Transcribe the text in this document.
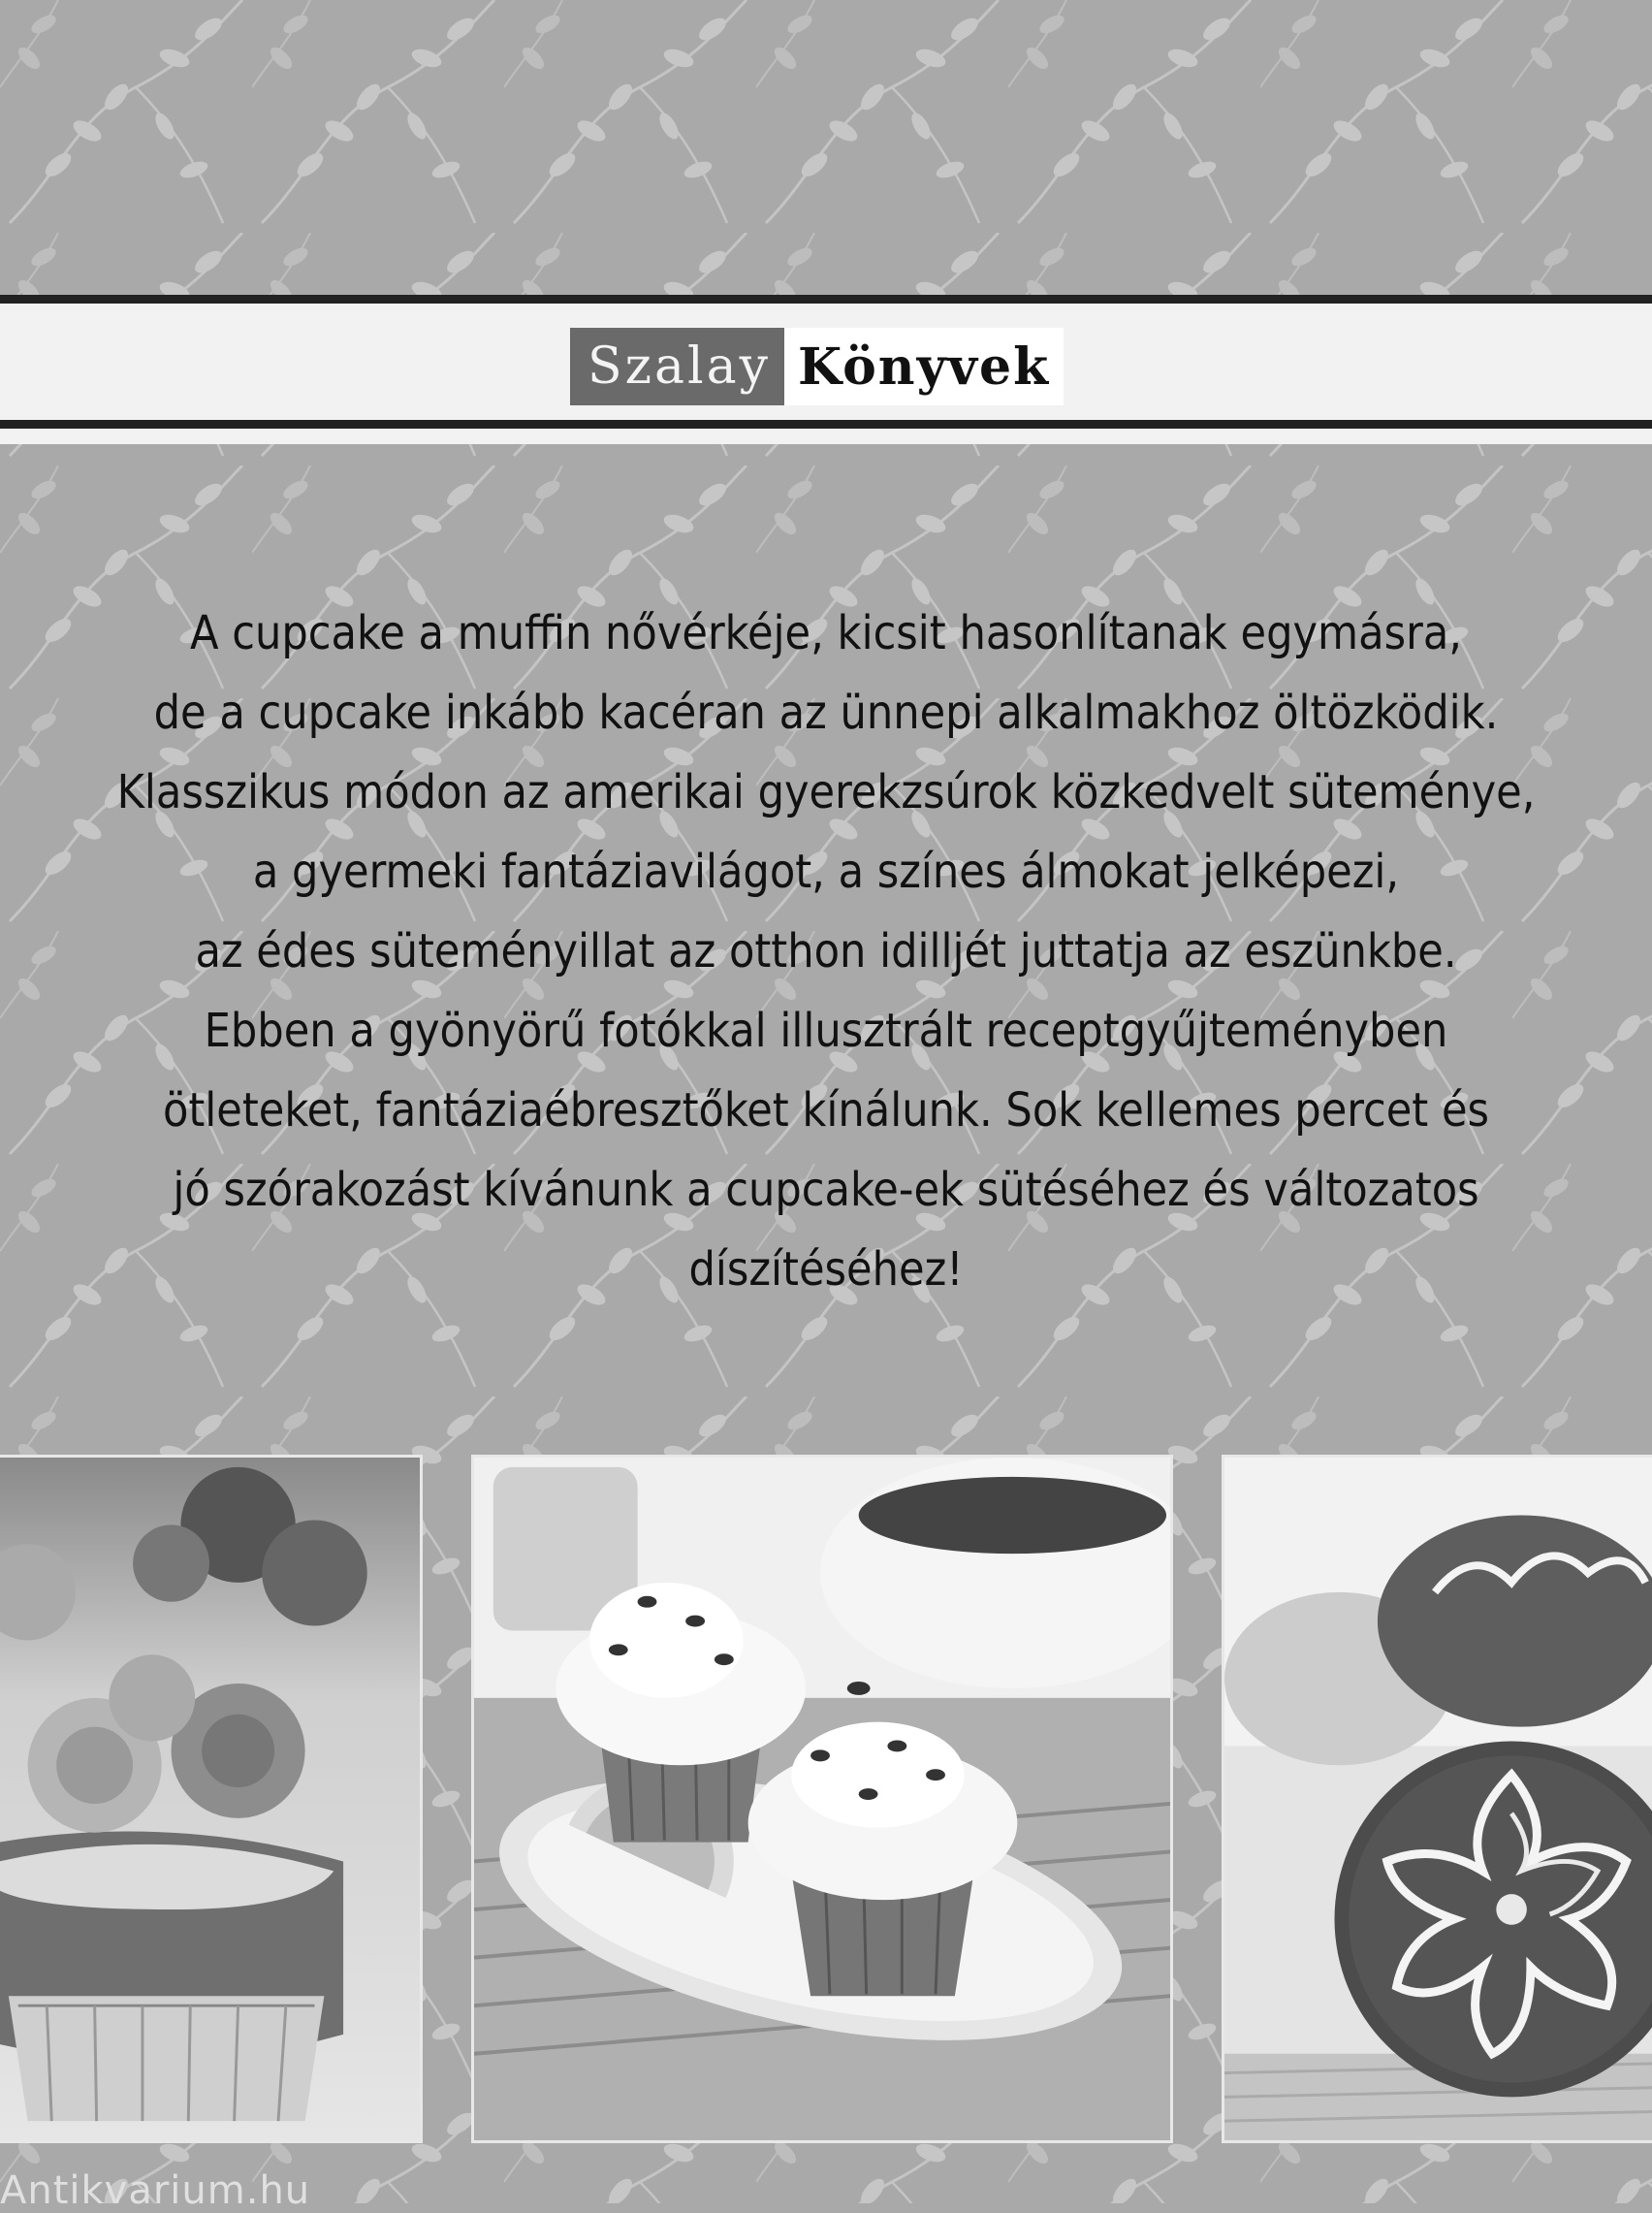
Szalay Könyvek
A cupcake a muffin nővérkéje, kicsit hasonlítanak egymásra,
de a cupcake inkább kacéran az ünnepi alkalmakhoz öltözködik.
Klasszikus módon az amerikai gyerekzsúrok közkedvelt süteménye,
a gyermeki fantáziavilágot, a színes álmokat jelképezi,
az édes süteményillat az otthon idilljét juttatja az eszünkbe.
Ebben a gyönyörű fotókkal illusztrált receptgyűjteményben
ötleteket, fantáziaébresztőket kínálunk. Sok kellemes percet és
jó szórakozást kívánunk a cupcake-ek sütéséhez és változatos
díszítéséhez!
Antikvarium.hu
